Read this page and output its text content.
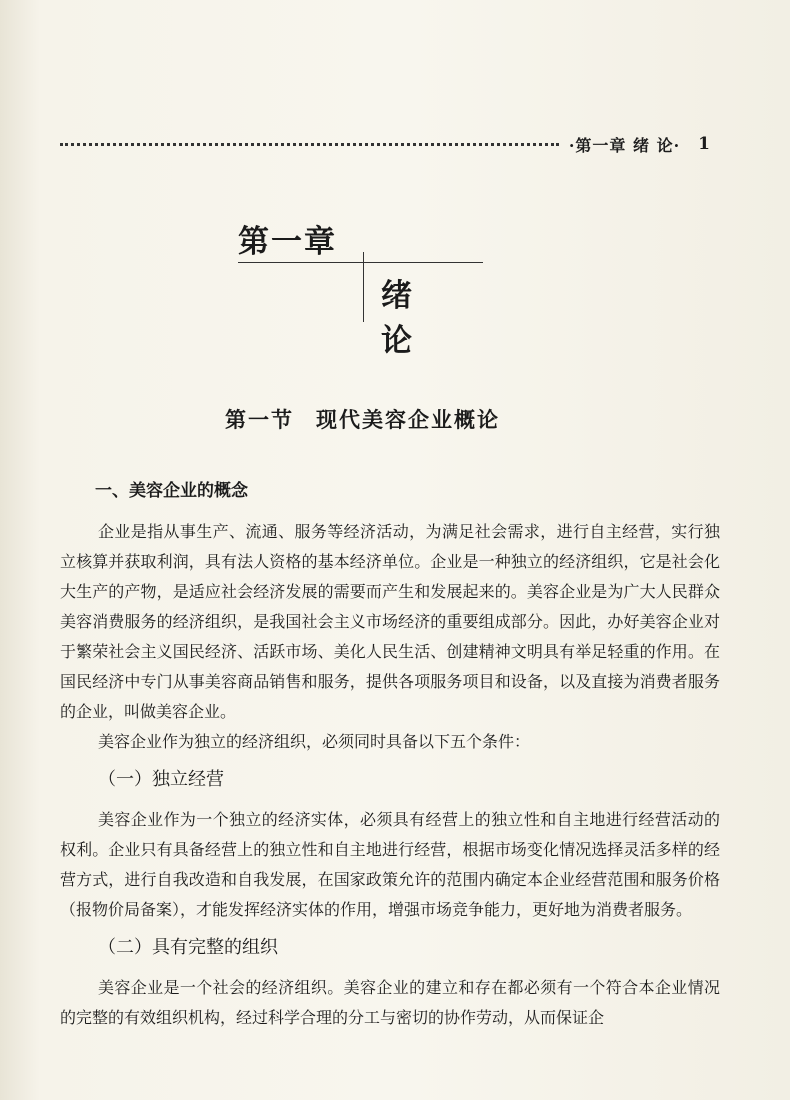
·第一章 绪 论· 1
第一章
绪论
第一节 现代美容企业概论
一、美容企业的概念

企业是指从事生产、流通、服务等经济活动，为满足社会需求，进行自主经营，实行独立核算并获取利润，具有法人资格的基本经济单位。企业是一种独立的经济组织，它是社会化大生产的产物，是适应社会经济发展的需要而产生和发展起来的。美容企业是为广大人民群众美容消费服务的经济组织，是我国社会主义市场经济的重要组成部分。因此，办好美容企业对于繁荣社会主义国民经济、活跃市场、美化人民生活、创建精神文明具有举足轻重的作用。在国民经济中专门从事美容商品销售和服务，提供各项服务项目和设备，以及直接为消费者服务的企业，叫做美容企业。

美容企业作为独立的经济组织，必须同时具备以下五个条件：

（一）独立经营

美容企业作为一个独立的经济实体，必须具有经营上的独立性和自主地进行经营活动的权利。企业只有具备经营上的独立性和自主地进行经营，根据市场变化情况选择灵活多样的经营方式，进行自我改造和自我发展，在国家政策允许的范围内确定本企业经营范围和服务价格（报物价局备案），才能发挥经济实体的作用，增强市场竞争能力，更好地为消费者服务。

（二）具有完整的组织

美容企业是一个社会的经济组织。美容企业的建立和存在都必须有一个符合本企业情况的完整的有效组织机构，经过科学合理的分工与密切的协作劳动，从而保证企
